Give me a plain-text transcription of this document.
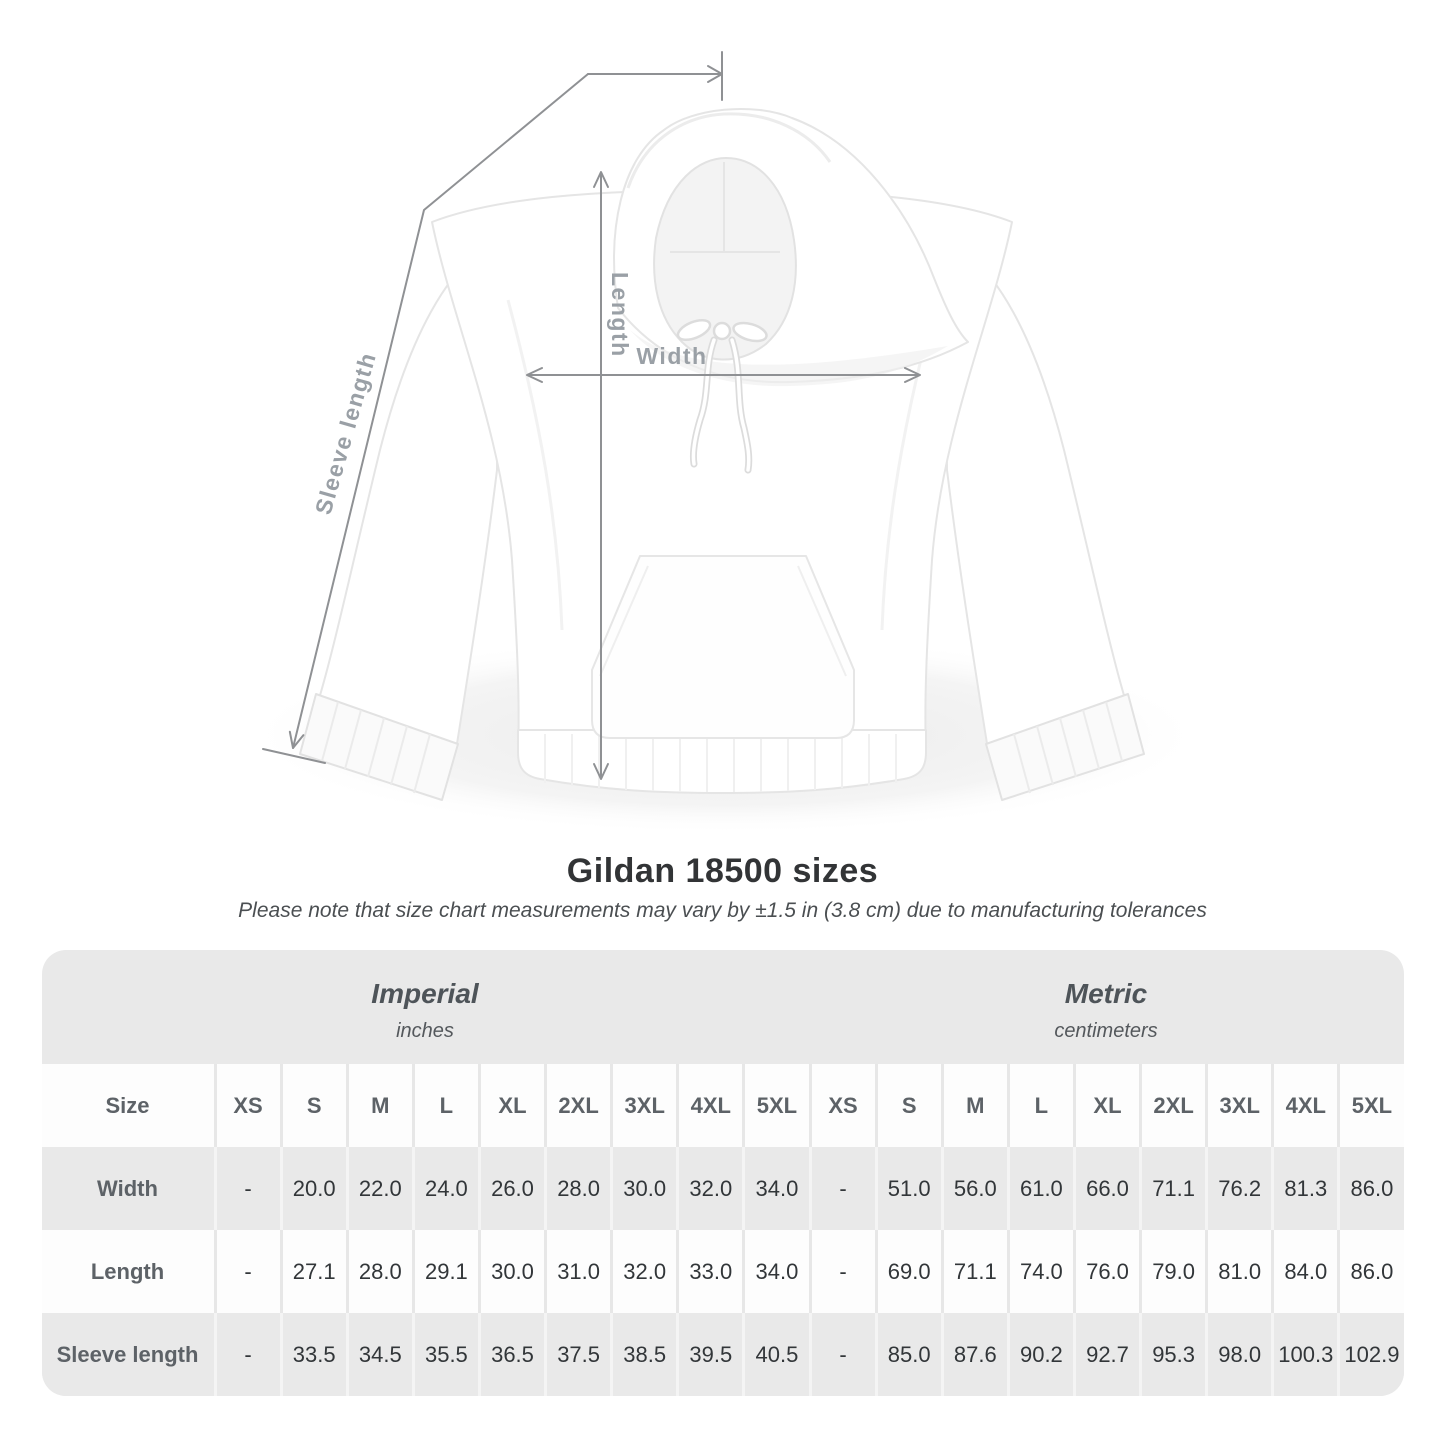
Sleeve length
Length Width
Gildan 18500 sizes

Please note that size chart measurements may vary by ±1.5 in (3.8 cm) due to manufacturing tolerances

Imperial
inches
Metric
centimeters
Size	XS	S	M	L	XL	2XL	3XL	4XL	5XL	XS	S	M	L	XL	2XL	3XL	4XL	5XL
Width	-	20.0	22.0	24.0	26.0	28.0	30.0	32.0	34.0	-	51.0	56.0	61.0	66.0	71.1	76.2	81.3	86.0
Length	-	27.1	28.0	29.1	30.0	31.0	32.0	33.0	34.0	-	69.0	71.1	74.0	76.0	79.0	81.0	84.0	86.0
Sleeve length	-	33.5	34.5	35.5	36.5	37.5	38.5	39.5	40.5	-	85.0	87.6	90.2	92.7	95.3	98.0 100.3 102.9
